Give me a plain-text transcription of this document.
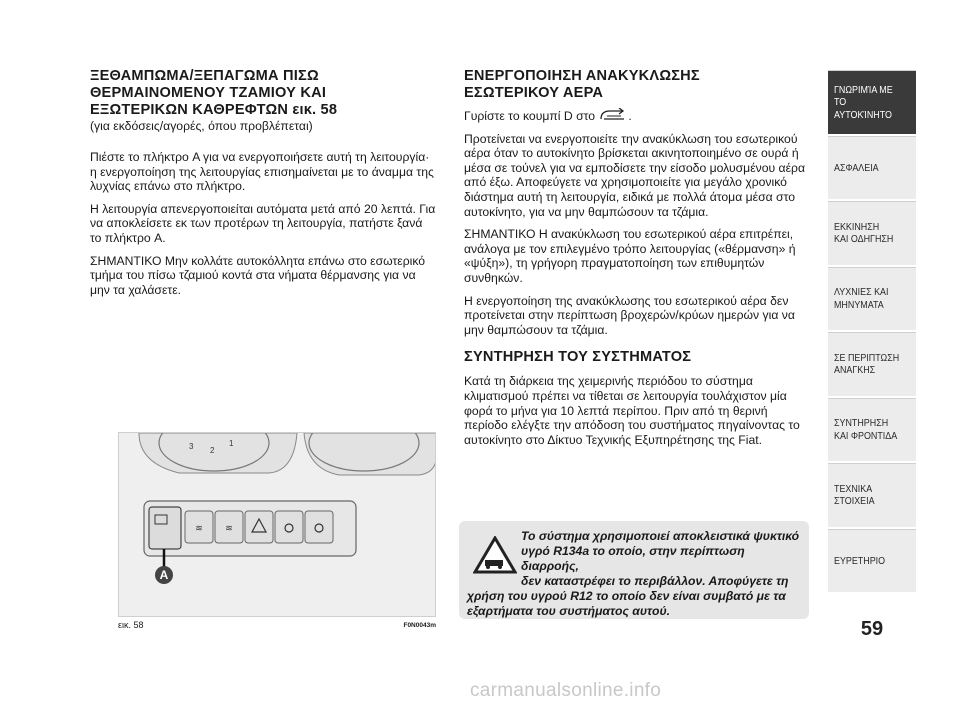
ΞΕΘΑΜΠΩΜΑ/ΞΕΠΑΓΩΜΑ ΠΙΣΩ
ΘΕΡΜΑΙΝΟΜΕΝΟΥ ΤΖΑΜΙΟΥ ΚΑΙ
ΕΞΩΤΕΡΙΚΩΝ ΚΑΘΡΕΦΤΩΝ εικ. 58
(για εκδόσεις/αγορές, όπου προβλέπεται)

Πιέστε το πλήκτρο A για να ενεργοποιήσετε αυτή τη λειτουργία· η ενεργοποίηση της λειτουργίας επισημαίνεται με το άναμμα της λυχνίας επάνω στο πλήκτρο.

Η λειτουργία απενεργοποιείται αυτόματα μετά από 20 λεπτά. Για να αποκλείσετε εκ των προτέρων τη λειτουργία, πατήστε ξανά το πλήκτρο A.

ΣΗΜΑΝΤΙΚΟ Μην κολλάτε αυτοκόλλητα επάνω στο εσωτερικό τμήμα του πίσω τζαμιού κοντά στα νήματα θέρμανσης για να μην τα χαλάσετε.

3 2
1
≋ ≋
A
εικ. 58	F0N0043m
ΕΝΕΡΓΟΠΟΙΗΣΗ ΑΝΑΚΥΚΛΩΣΗΣ
ΕΣΩΤΕΡΙΚΟΥ ΑΕΡΑ

Γυρίστε το κουμπί D στο	.

Προτείνεται να ενεργοποιείτε την ανακύκλωση του εσωτερικού αέρα όταν το αυτοκίνητο βρίσκεται ακινητοποιημένο σε ουρά ή μέσα σε τούνελ για να εμποδίσετε την είσοδο μολυσμένου αέρα από έξω. Αποφεύγετε να χρησιμοποιείτε για μεγάλο χρονικό διάστημα αυτή τη λειτουργία, ειδικά με πολλά άτομα μέσα στο αυτοκίνητο, για να μην θαμπώσουν τα τζάμια.

ΣΗΜΑΝΤΙΚΟ Η ανακύκλωση του εσωτερικού αέρα επιτρέπει, ανάλογα με τον επιλεγμένο τρόπο λειτουργίας («θέρμανση» ή «ψύξη»), τη γρήγορη πραγματοποίηση των επιθυμητών συνθηκών.

Η ενεργοποίηση της ανακύκλωσης του εσωτερικού αέρα δεν προτείνεται στην περίπτωση βροχερών/κρύων ημερών για να μην θαμπώσουν τα τζάμια.

ΣΥΝΤΗΡΗΣΗ ΤΟΥ ΣΥΣΤΗΜΑΤΟΣ

Κατά τη διάρκεια της χειμερινής περιόδου το σύστημα κλιματισμού πρέπει να τίθεται σε λειτουργία τουλάχιστον μία φορά το μήνα για 10 λεπτά περίπου. Πριν από τη θερινή περίοδο ελέγξτε την απόδοση του συστήματος πηγαίνοντας το αυτοκίνητο στο Δίκτυο Τεχνικής Εξυπηρέτησης της Fiat.

Το σύστημα χρησιμοποιεί αποκλειστικά ψυκτικό
υγρό R134a το οποίο, στην περίπτωση διαρροής,
δεν καταστρέφει το περιβάλλον. Αποφύγετε τη
χρήση του υγρού R12 το οποίο δεν είναι συμβατό με τα
εξαρτήματα του συστήματος αυτού.
ΓΝΩΡΙΜΊΑ ΜΕ
ΤΟ ΑΥΤΟΚΊΝΗΤΟ
ΑΣΦΑΛΕΙΑ
ΕΚΚΙΝΗΣΗ
ΚΑΙ ΟΔΗΓΗΣΗ
ΛΥΧΝΙΕΣ ΚΑΙ
ΜΗΝΥΜΑΤΑ
ΣΕ ΠΕΡΙΠΤΩΣΗ
ΑΝΑΓΚΗΣ
ΣΥΝΤΗΡΗΣΗ
ΚΑΙ ΦΡΟΝΤΙΔΑ
ΤΕΧΝΙΚΑ
ΣΤΟΙΧΕΙΑ
ΕΥΡΕΤΗΡΙΟ
59
carmanualsonline.info
